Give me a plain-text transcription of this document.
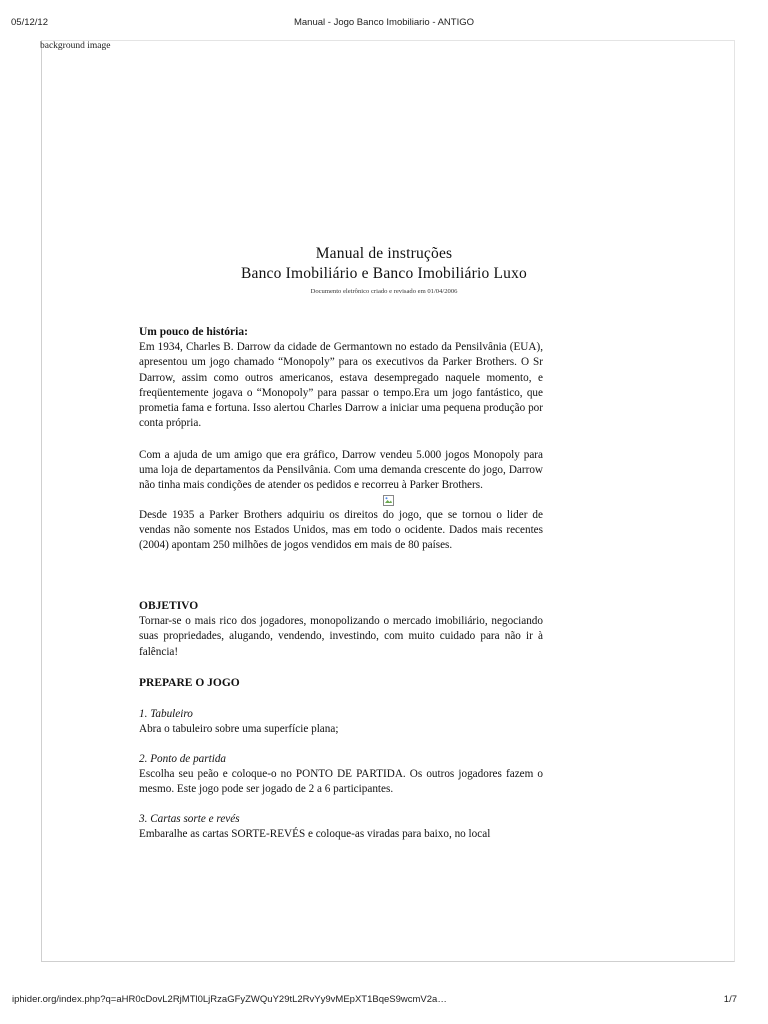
05/12/12	Manual - Jogo Banco Imobiliario - ANTIGO
background image
Manual de instruções
Banco Imobiliário e Banco Imobiliário Luxo
Documento eletrônico criado e revisado em 01/04/2006
Um pouco de história:

Em 1934, Charles B. Darrow da cidade de Germantown no estado da Pensilvânia (EUA), apresentou um jogo chamado “Monopoly” para os executivos da Parker Brothers. O Sr Darrow, assim como outros americanos, estava desempregado naquele momento, e freqüentemente jogava o “Monopoly” para passar o tempo.Era um jogo fantástico, que prometia fama e fortuna. Isso alertou Charles Darrow a iniciar uma pequena produção por conta própria.

Com a ajuda de um amigo que era gráfico, Darrow vendeu 5.000 jogos Monopoly para uma loja de departamentos da Pensilvânia. Com uma demanda crescente do jogo, Darrow não tinha mais condições de atender os pedidos e recorreu à Parker Brothers.

Desde 1935 a Parker Brothers adquiriu os direitos do jogo, que se tornou o lider de vendas não somente nos Estados Unidos, mas em todo o ocidente. Dados mais recentes (2004) apontam 250 milhões de jogos vendidos em mais de 80 países.

OBJETIVO

Tornar-se o mais rico dos jogadores, monopolizando o mercado imobiliário, negociando suas propriedades, alugando, vendendo, investindo, com muito cuidado para não ir à falência!

PREPARE O JOGO
1. Tabuleiro
Abra o tabuleiro sobre uma superfície plana;
2. Ponto de partida

Escolha seu peão e coloque-o no PONTO DE PARTIDA. Os outros jogadores fazem o mesmo. Este jogo pode ser jogado de 2 a 6 participantes.

3. Cartas sorte e revés

Embaralhe as cartas SORTE-REVÉS e coloque-as viradas para baixo, no local

iphider.org/index.php?q=aHR0cDovL2RjMTl0LjRzaGFyZWQuY29tL2RvYy9vMEpXT1BqeS9wcmV2a…	1/7
